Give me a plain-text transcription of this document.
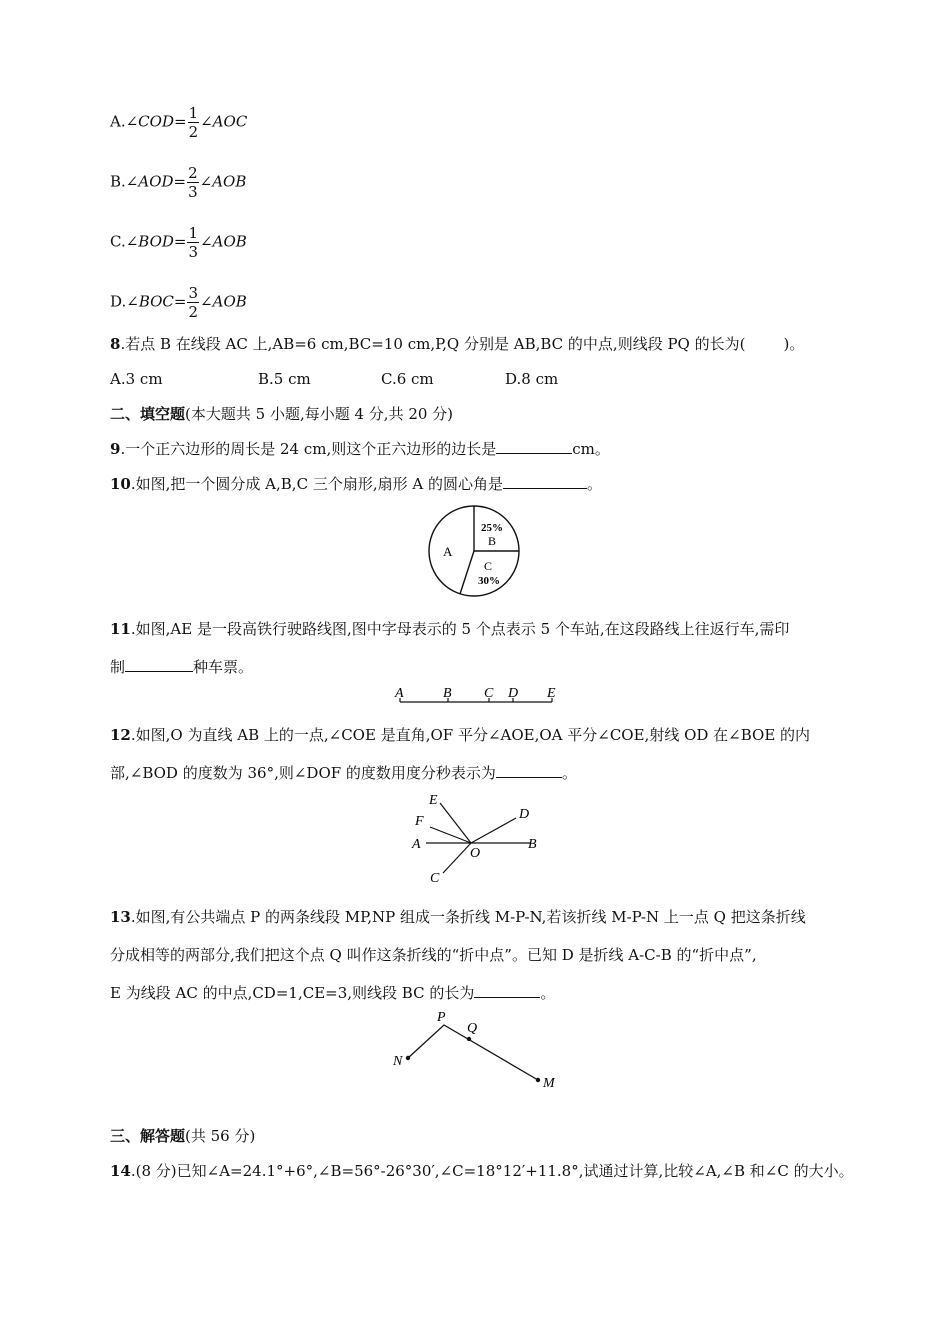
A.∠COD= $\frac{1}{2}$ ∠AOC
B.∠AOD= $\frac{2}{3}$ ∠AOB
C.∠BOD= $\frac{1}{3}$ ∠AOB
D.∠BOC= $\frac{3}{2}$ ∠AOB
8.若点 B 在线段 AC 上,AB=6 cm,BC=10 cm,P,Q 分别是 AB,BC 的中点,则线段 PQ 的长为(	)。
A.3 cm	B.5 cm	C.6 cm	D.8 cm
二、填空题(本大题共 5 小题,每小题 4 分,共 20 分)
9.一个正六边形的周长是 24 cm,则这个正六边形的边长是	cm。
10.如图,把一个圆分成 A,B,C 三个扇形,扇形 A 的圆心角是	。
A
25%
B
C
30%
11.如图,AE 是一段高铁行驶路线图,图中字母表示的 5 个点表示 5 个车站,在这段路线上往返行车,需印
制	种车票。
A	B C D E
12.如图,O 为直线 AB 上的一点,∠COE 是直角,OF 平分∠AOE,OA 平分∠COE,射线 OD 在∠BOE 的内
部,∠BOD 的度数为 36°,则∠DOF 的度数用度分秒表示为	。
E
D
F
A
O
B
C
13.如图,有公共端点 P 的两条线段 MP,NP 组成一条折线 M-P-N,若该折线 M-P-N 上一点 Q 把这条折线
分成相等的两部分,我们把这个点 Q 叫作这条折线的“折中点”。已知 D 是折线 A-C-B 的“折中点”,
E 为线段 AC 的中点,CD=1,CE=3,则线段 BC 的长为	。
P
Q
N
M
三、解答题(共 56 分)
14.(8 分)已知∠A=24.1°+6°,∠B=56°-26°30′,∠C=18°12′+11.8°,试通过计算,比较∠A,∠B 和∠C 的大小。
